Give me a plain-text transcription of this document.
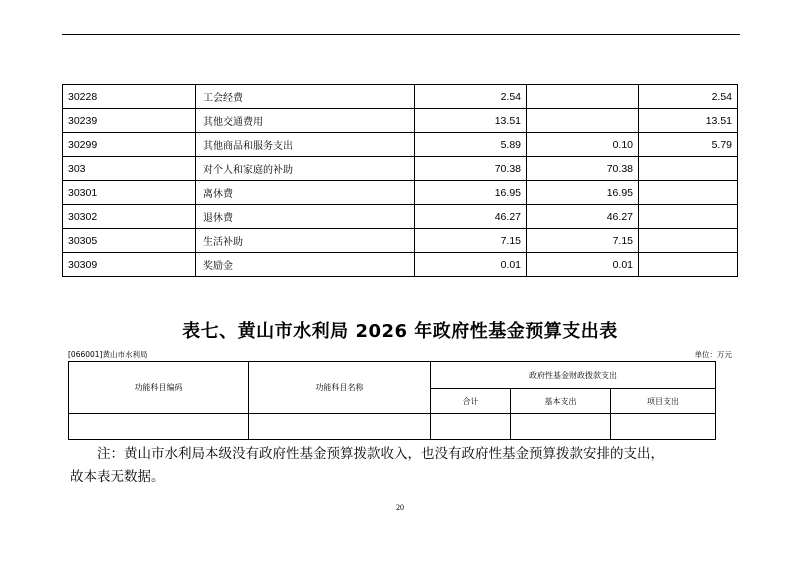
30228	工会经费	2.54		2.54
30239	其他交通费用	13.51		13.51
30299	其他商品和服务支出	5.89	0.10	5.79
303	对个人和家庭的补助	70.38	70.38	
30301	离休费	16.95	16.95	
30302	退休费	46.27	46.27	
30305	生活补助	7.15	7.15	
30309	奖励金	0.01	0.01	
表七、黄山市水利局 2026 年政府性基金预算支出表
[066001]黄山市水利局	单位：万元
功能科目编码	功能科目名称	政府性基金财政拨款支出		
		合计	基本支出	项目支出

注：黄山市水利局本级没有政府性基金预算拨款收入，也没有政府性基金预算拨款安排的支出，
故本表无数据。
20
